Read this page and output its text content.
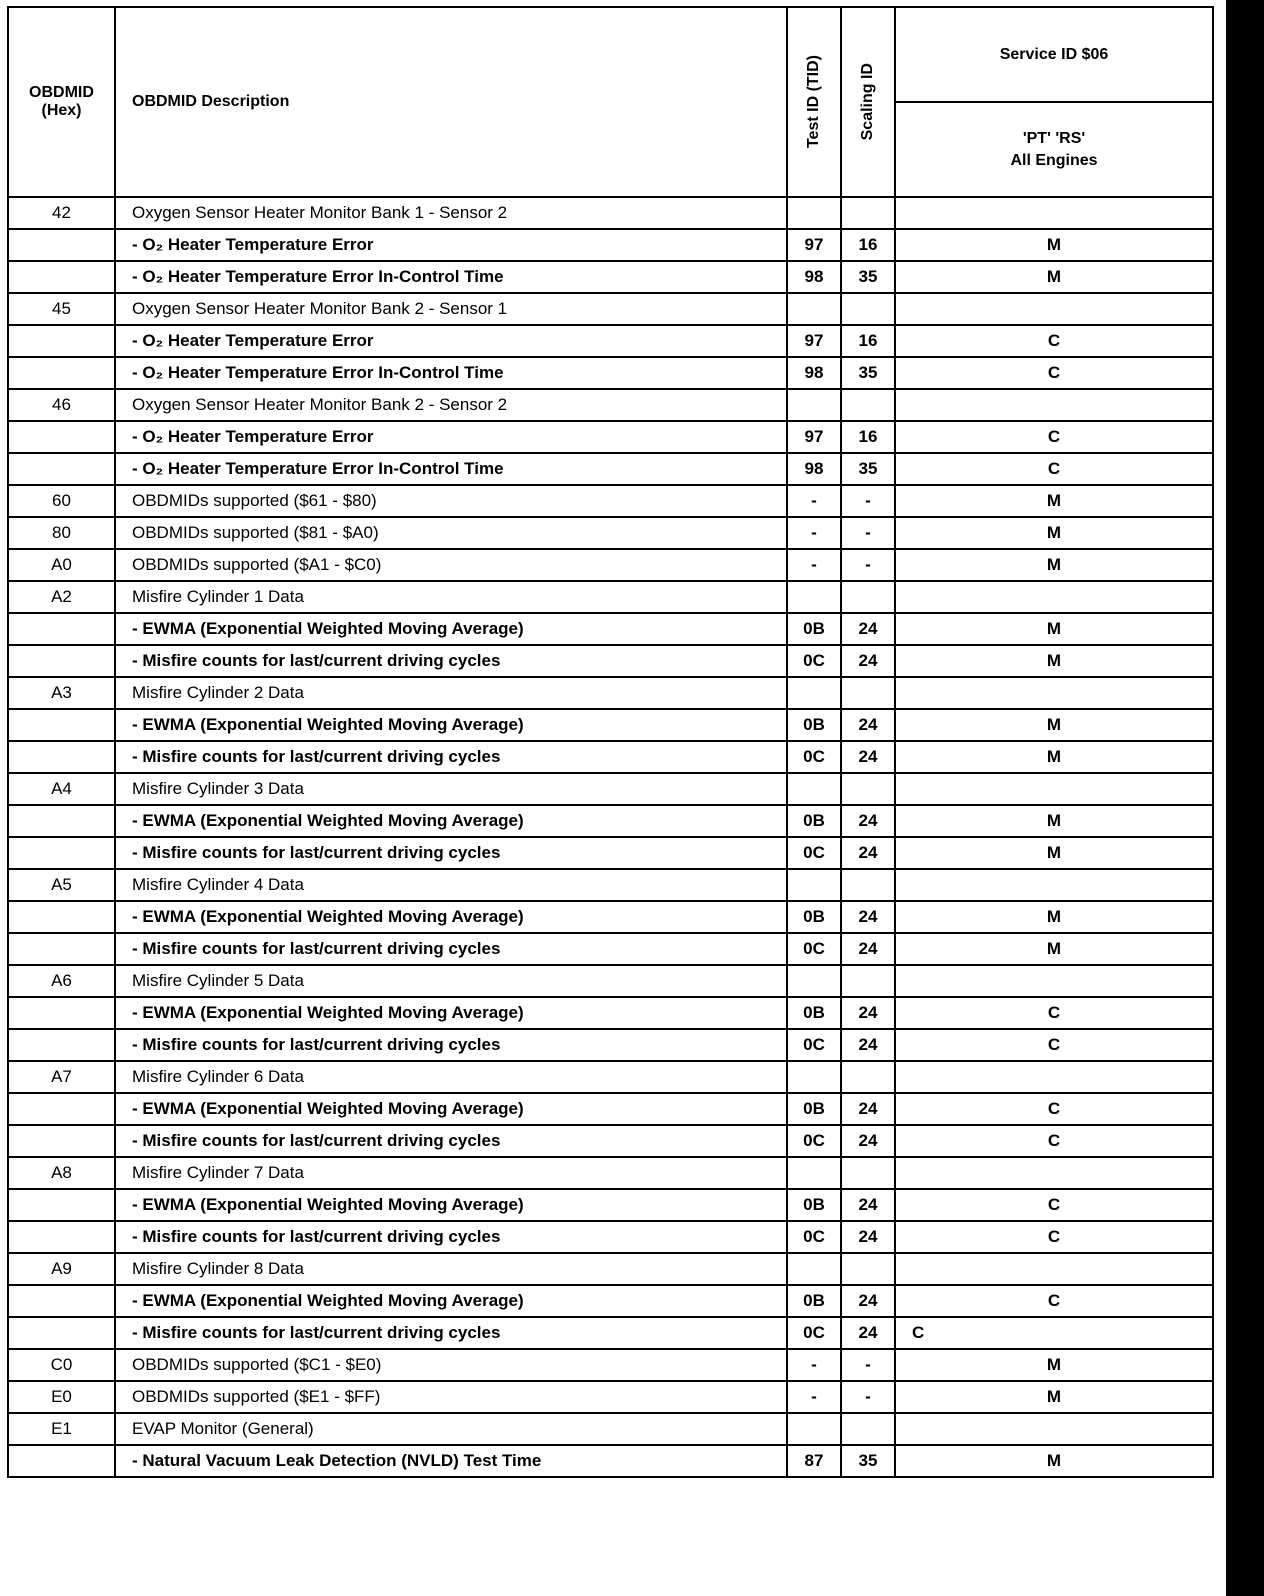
OBDMID
(Hex)	OBDMID Description	Test ID (TID)	Scaling ID	Service ID $06

				'PT' 'RS'
All Engines

42	Oxygen Sensor Heater Monitor Bank 1 - Sensor 2			
	- O₂ Heater Temperature Error	97	16	M
	- O₂ Heater Temperature Error In-Control Time	98	35	M
45	Oxygen Sensor Heater Monitor Bank 2 - Sensor 1			
	- O₂ Heater Temperature Error	97	16	C
	- O₂ Heater Temperature Error In-Control Time	98	35	C
46	Oxygen Sensor Heater Monitor Bank 2 - Sensor 2			
	- O₂ Heater Temperature Error	97	16	C
	- O₂ Heater Temperature Error In-Control Time	98	35	C
60	OBDMIDs supported ($61 - $80)	-	-	M
80	OBDMIDs supported ($81 - $A0)	-	-	M
A0	OBDMIDs supported ($A1 - $C0)	-	-	M
A2	Misfire Cylinder 1 Data			
	- EWMA (Exponential Weighted Moving Average)	0B	24	M
	- Misfire counts for last/current driving cycles	0C	24	M
A3	Misfire Cylinder 2 Data			
	- EWMA (Exponential Weighted Moving Average)	0B	24	M
	- Misfire counts for last/current driving cycles	0C	24	M
A4	Misfire Cylinder 3 Data			
	- EWMA (Exponential Weighted Moving Average)	0B	24	M
	- Misfire counts for last/current driving cycles	0C	24	M
A5	Misfire Cylinder 4 Data			
	- EWMA (Exponential Weighted Moving Average)	0B	24	M
	- Misfire counts for last/current driving cycles	0C	24	M
A6	Misfire Cylinder 5 Data			
	- EWMA (Exponential Weighted Moving Average)	0B	24	C
	- Misfire counts for last/current driving cycles	0C	24	C
A7	Misfire Cylinder 6 Data			
	- EWMA (Exponential Weighted Moving Average)	0B	24	C
	- Misfire counts for last/current driving cycles	0C	24	C
A8	Misfire Cylinder 7 Data			
	- EWMA (Exponential Weighted Moving Average)	0B	24	C
	- Misfire counts for last/current driving cycles	0C	24	C
A9	Misfire Cylinder 8 Data			
	- EWMA (Exponential Weighted Moving Average)	0B	24	C
	- Misfire counts for last/current driving cycles	0C	24	C
C0	OBDMIDs supported ($C1 - $E0)	-	-	M
E0	OBDMIDs supported ($E1 - $FF)	-	-	M
E1	EVAP Monitor (General)			
	- Natural Vacuum Leak Detection (NVLD) Test Time	87	35	M
